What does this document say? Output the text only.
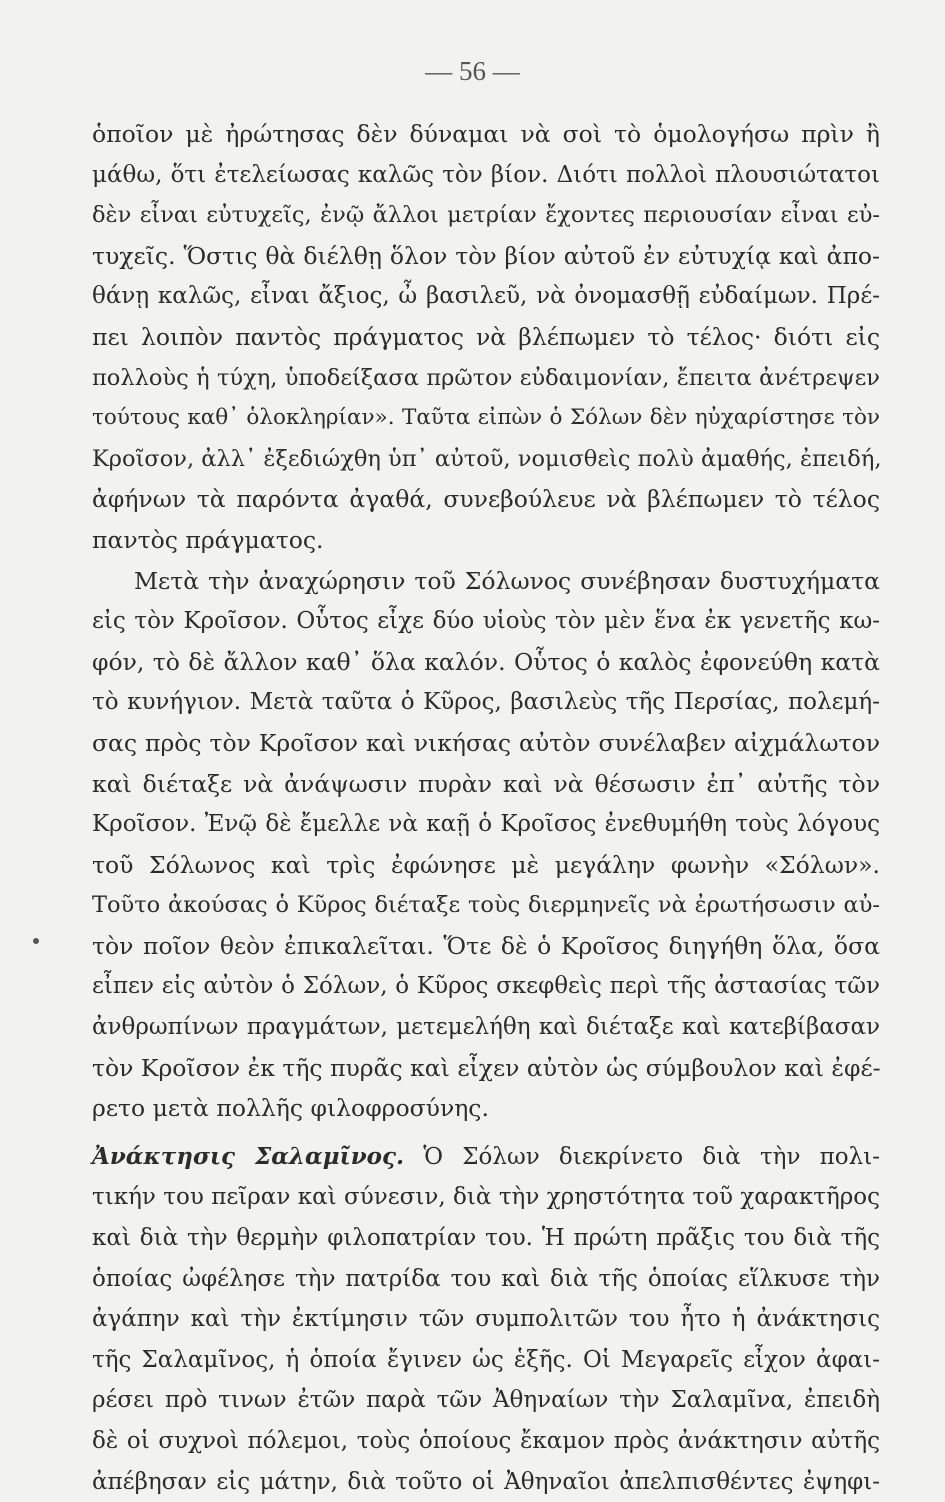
— 56 —
ὁποῖον μὲ ἠρώτησας δὲν δύναμαι νὰ σοὶ τὸ ὁμολογήσω πρὶν ἢ
μάθω, ὅτι ἐτελείωσας καλῶς τὸν βίον. Διότι πολλοὶ πλουσιώτατοι
δὲν εἶναι εὐτυχεῖς, ἐνῷ ἄλλοι μετρίαν ἔχοντες περιουσίαν εἶναι εὐ-
τυχεῖς. Ὅστις θὰ διέλθῃ ὅλον τὸν βίον αὐτοῦ ἐν εὐτυχίᾳ καὶ ἀπο-
θάνῃ καλῶς, εἶναι ἄξιος, ὦ βασιλεῦ, νὰ ὀνομασθῇ εὐδαίμων. Πρέ-
πει λοιπὸν παντὸς πράγματος νὰ βλέπωμεν τὸ τέλος· διότι εἰς
πολλοὺς ἡ τύχη, ὑποδείξασα πρῶτον εὐδαιμονίαν, ἔπειτα ἀνέτρεψεν
τούτους καθ᾽ ὁλοκληρίαν». Ταῦτα εἰπὼν ὁ Σόλων δὲν ηὐχαρίστησε τὸν
Κροῖσον, ἀλλ᾽ ἐξεδιώχθη ὑπ᾽ αὐτοῦ, νομισθεὶς πολὺ ἀμαθής, ἐπειδή,
ἀφήνων τὰ παρόντα ἀγαθά, συνεβούλευε νὰ βλέπωμεν τὸ τέλος
παντὸς πράγματος.
Μετὰ τὴν ἀναχώρησιν τοῦ Σόλωνος συνέβησαν δυστυχήματα
εἰς τὸν Κροῖσον. Οὗτος εἶχε δύο υἱοὺς τὸν μὲν ἕνα ἐκ γενετῆς κω-
φόν, τὸ δὲ ἄλλον καθ᾽ ὅλα καλόν. Οὗτος ὁ καλὸς ἐφονεύθη κατὰ
τὸ κυνήγιον. Μετὰ ταῦτα ὁ Κῦρος, βασιλεὺς τῆς Περσίας, πολεμή-
σας πρὸς τὸν Κροῖσον καὶ νικήσας αὐτὸν συνέλαβεν αἰχμάλωτον
καὶ διέταξε νὰ ἀνάψωσιν πυρὰν καὶ νὰ θέσωσιν ἐπ᾽ αὐτῆς τὸν
Κροῖσον. Ἐνῷ δὲ ἔμελλε νὰ καῇ ὁ Κροῖσος ἐνεθυμήθη τοὺς λόγους
τοῦ Σόλωνος καὶ τρὶς ἐφώνησε μὲ μεγάλην φωνὴν «Σόλων».
Τοῦτο ἀκούσας ὁ Κῦρος διέταξε τοὺς διερμηνεῖς νὰ ἐρωτήσωσιν αὐ-
τὸν ποῖον θεὸν ἐπικαλεῖται. Ὅτε δὲ ὁ Κροῖσος διηγήθη ὅλα, ὅσα
εἶπεν εἰς αὐτὸν ὁ Σόλων, ὁ Κῦρος σκεφθεὶς περὶ τῆς ἀστασίας τῶν
ἀνθρωπίνων πραγμάτων, μετεμελήθη καὶ διέταξε καὶ κατεβίβασαν
τὸν Κροῖσον ἐκ τῆς πυρᾶς καὶ εἶχεν αὐτὸν ὡς σύμβουλον καὶ ἐφέ-
ρετο μετὰ πολλῆς φιλοφροσύνης.
Ἀνάκτησις Σαλαμῖνος. Ὁ Σόλων διεκρίνετο διὰ τὴν πολι-
τικήν του πεῖραν καὶ σύνεσιν, διὰ τὴν χρηστότητα τοῦ χαρακτῆρος
καὶ διὰ τὴν θερμὴν φιλοπατρίαν του. Ἡ πρώτη πρᾶξις του διὰ τῆς
ὁποίας ὠφέλησε τὴν πατρίδα του καὶ διὰ τῆς ὁποίας εἵλκυσε τὴν
ἀγάπην καὶ τὴν ἐκτίμησιν τῶν συμπολιτῶν του ἦτο ἡ ἀνάκτησις
τῆς Σαλαμῖνος, ἡ ὁποία ἔγινεν ὡς ἑξῆς. Οἱ Μεγαρεῖς εἶχον ἀφαι-
ρέσει πρὸ τινων ἐτῶν παρὰ τῶν Ἀθηναίων τὴν Σαλαμῖνα, ἐπειδὴ
δὲ οἱ συχνοὶ πόλεμοι, τοὺς ὁποίους ἔκαμον πρὸς ἀνάκτησιν αὐτῆς
ἀπέβησαν εἰς μάτην, διὰ τοῦτο οἱ Ἀθηναῖοι ἀπελπισθέντες ἐψηφι-
